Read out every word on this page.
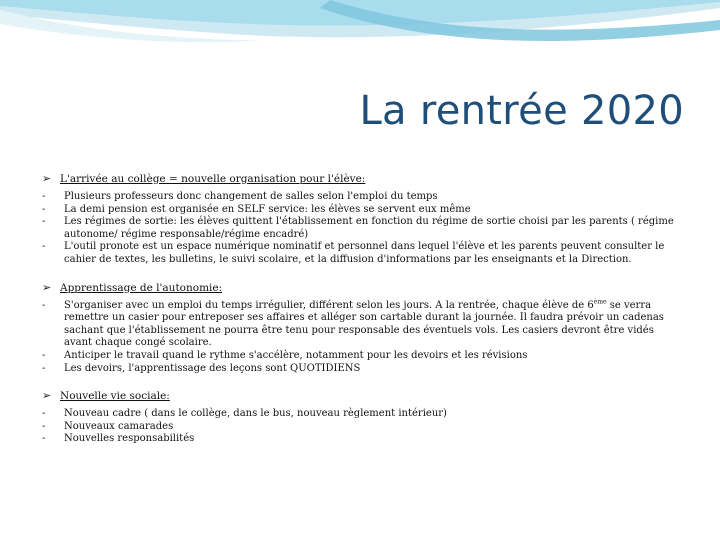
La rentrée 2020
➢ L'arrivée au collège = nouvelle organisation pour l'élève:
-	Plusieurs professeurs donc changement de salles selon l'emploi du temps
-	La demi pension est organisée en SELF service: les élèves se servent eux même
-	Les régimes de sortie: les élèves quittent l'établissement en fonction du régime de sortie choisi par les parents ( régime autonome/ régime responsable/régime encadré)
-	L'outil pronote est un espace numérique nominatif et personnel dans lequel l'élève et les parents peuvent consulter le cahier de textes, les bulletins, le suivi scolaire, et la diffusion d'informations par les enseignants et la Direction.
➢ Apprentissage de l'autonomie:
-	S'organiser avec un emploi du temps irrégulier, différent selon les jours. A la rentrée, chaque élève de 6ème se verra remettre un casier pour entreposer ses affaires et alléger son cartable durant la journée. Il faudra prévoir un cadenas sachant que l'établissement ne pourra être tenu pour responsable des éventuels vols. Les casiers devront être vidés avant chaque congé scolaire.
-	Anticiper le travail quand le rythme s'accélère, notamment pour les devoirs et les révisions
-	Les devoirs, l'apprentissage des leçons sont QUOTIDIENS
➢ Nouvelle vie sociale:
-	Nouveau cadre ( dans le collège, dans le bus, nouveau règlement intérieur)
-	Nouveaux camarades
-	Nouvelles responsabilités
